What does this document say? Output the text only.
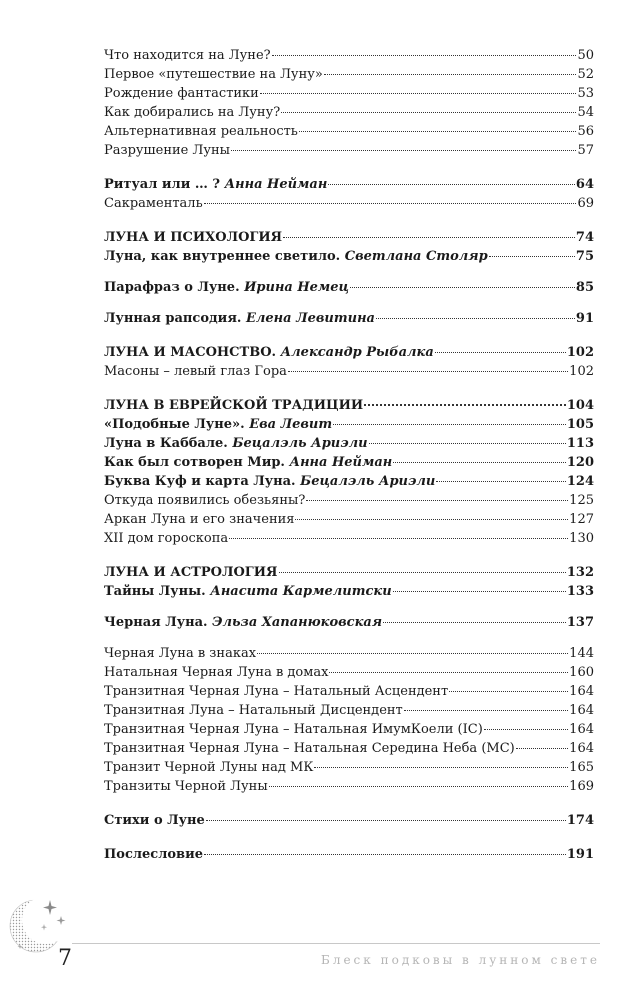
Что находится на Луне?	50
Первое «путешествие на Луну»	52
Рождение фантастики	53
Как добирались на Луну?	54
Альтернативная реальность	56
Разрушение Луны	57
Ритуал или … ? Анна Нейман	64
Сакраменталь	69
ЛУНА И ПСИХОЛОГИЯ	74
Луна, как внутреннее светило. Светлана Столяр	75
Парафраз о Луне. Ирина Немец	85
Лунная рапсодия. Елена Левитина	91
ЛУНА И МАСОНСТВО. Александр Рыбалка	102
Масоны – левый глаз Гора	102
ЛУНА В ЕВРЕЙСКОЙ ТРАДИЦИИ	104
«Подобные Луне». Ева Левит	105
Луна в Каббале. Бецалэль Ариэли	113
Как был сотворен Мир. Анна Нейман	120
Буква Куф и карта Луна. Бецалэль Ариэли	124
Откуда появились обезьяны?	125
Аркан Луна и его значения	127
XII дом гороскопа	130
ЛУНА И АСТРОЛОГИЯ	132
Тайны Луны. Анасита Кармелитски	133
Черная Луна. Эльза Хапанюковская	137
Черная Луна в знаках	144
Натальная Черная Луна в домах	160
Транзитная Черная Луна – Натальный Асцендент	164
Транзитная Луна – Натальный Дисцендент	164
Транзитная Черная Луна – Натальная ИмумКоели (IC)	164
Транзитная Черная Луна – Натальная Середина Неба (MC)	164
Транзит Черной Луны над МК	165
Транзиты Черной Луны	169
Стихи о Луне	174
Послесловие	191
7	Блеск подковы в лунном свете
